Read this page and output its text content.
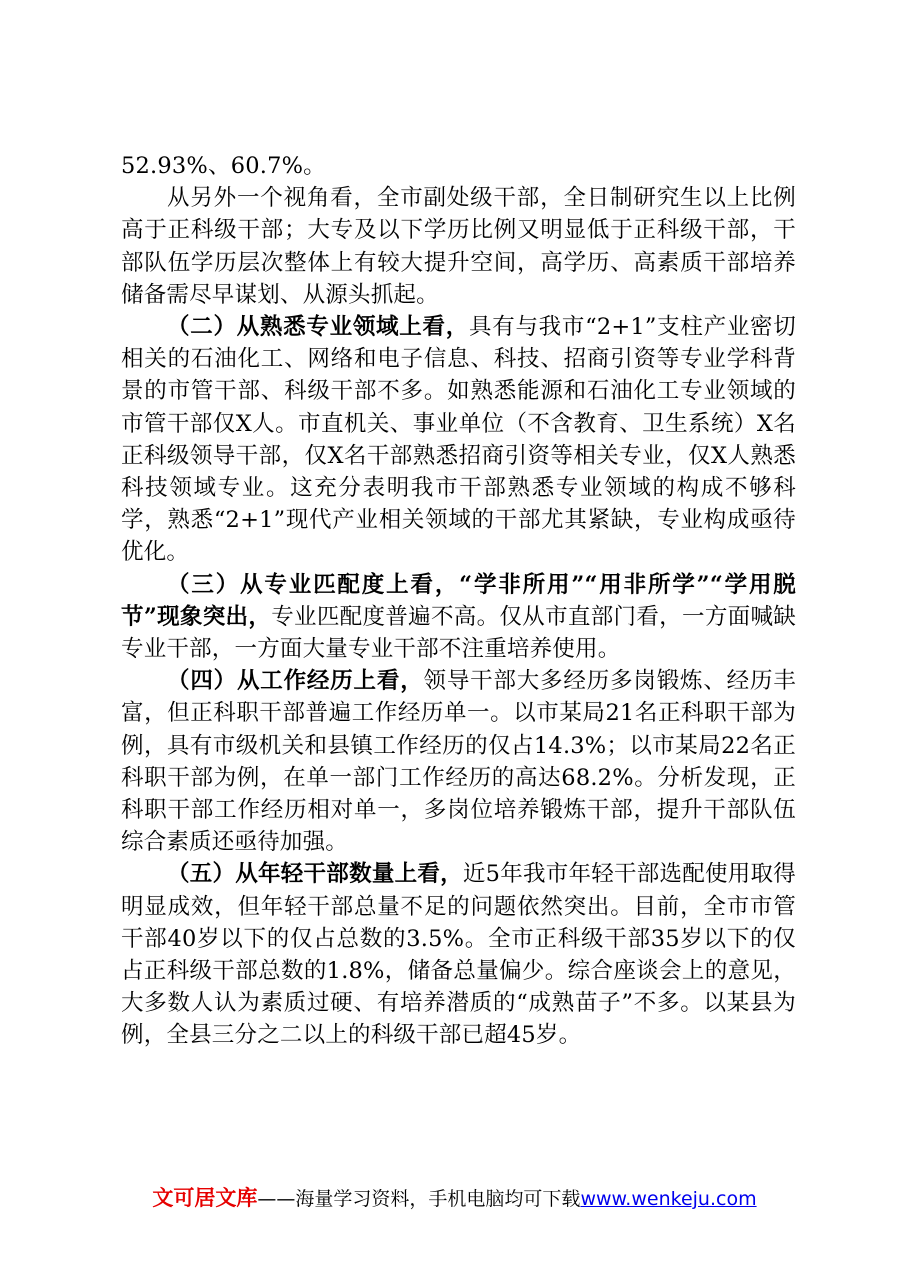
52.93%、60.7%。

从另外一个视角看，全市副处级干部，全日制研究生以上比例高于正科级干部；大专及以下学历比例又明显低于正科级干部，干部队伍学历层次整体上有较大提升空间，高学历、高素质干部培养储备需尽早谋划、从源头抓起。

（二）从熟悉专业领域上看，具有与我市“2+1”支柱产业密切相关的石油化工、网络和电子信息、科技、招商引资等专业学科背景的市管干部、科级干部不多。如熟悉能源和石油化工专业领域的市管干部仅X人。市直机关、事业单位（不含教育、卫生系统）X名正科级领导干部，仅X名干部熟悉招商引资等相关专业，仅X人熟悉科技领域专业。这充分表明我市干部熟悉专业领域的构成不够科学，熟悉“2+1”现代产业相关领域的干部尤其紧缺，专业构成亟待优化。

（三）从专业匹配度上看，“学非所用”“用非所学”“学用脱节”现象突出，专业匹配度普遍不高。仅从市直部门看，一方面喊缺专业干部，一方面大量专业干部不注重培养使用。

（四）从工作经历上看，领导干部大多经历多岗锻炼、经历丰富，但正科职干部普遍工作经历单一。以市某局21名正科职干部为例，具有市级机关和县镇工作经历的仅占14.3%；以市某局22名正科职干部为例，在单一部门工作经历的高达68.2%。分析发现，正科职干部工作经历相对单一，多岗位培养锻炼干部，提升干部队伍综合素质还亟待加强。

（五）从年轻干部数量上看，近5年我市年轻干部选配使用取得明显成效，但年轻干部总量不足的问题依然突出。目前，全市市管干部40岁以下的仅占总数的3.5%。全市正科级干部35岁以下的仅占正科级干部总数的1.8%，储备总量偏少。综合座谈会上的意见，大多数人认为素质过硬、有培养潜质的“成熟苗子”不多。以某县为例，全县三分之二以上的科级干部已超45岁。

文可居文库——海量学习资料，手机电脑均可下载www.wenkeju.com
